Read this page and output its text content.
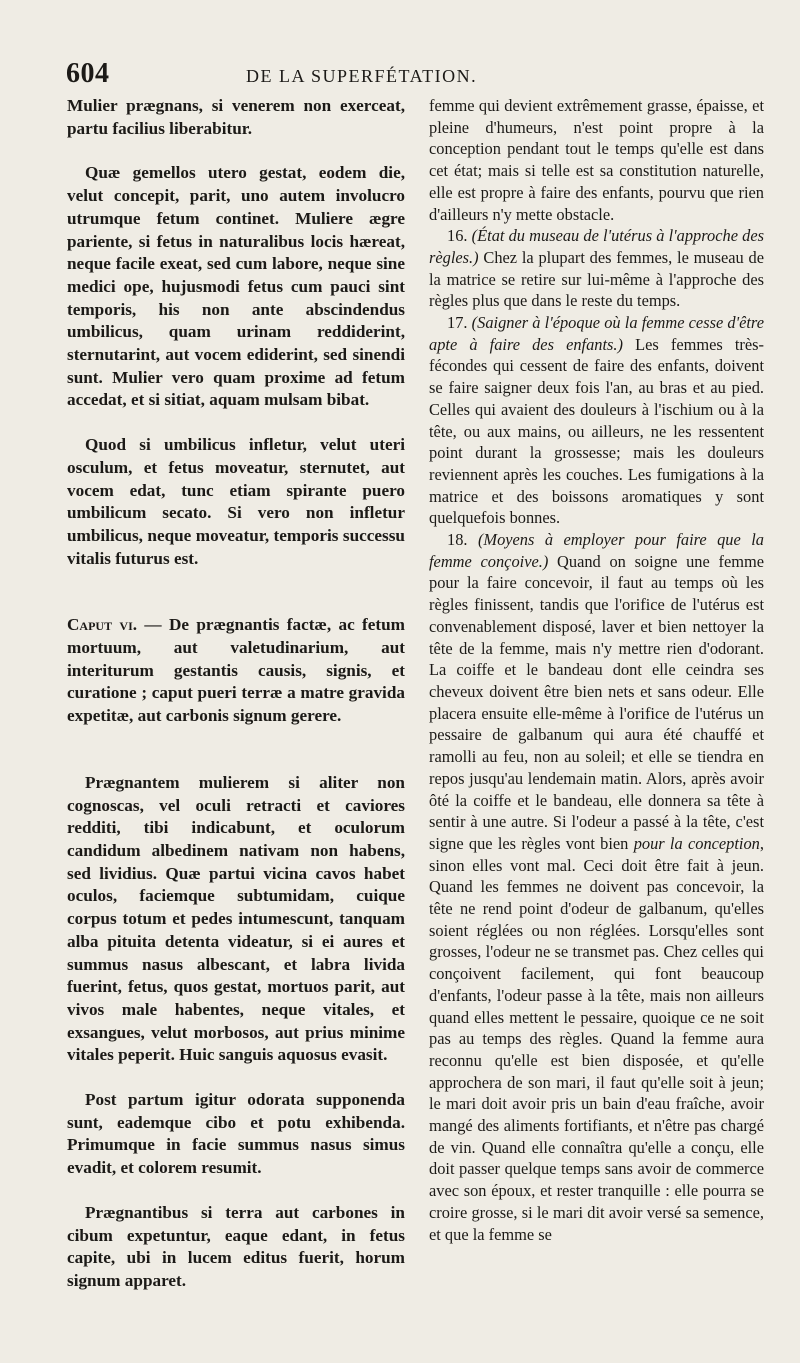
604	DE LA SUPERFÉTATION.

Mulier prægnans, si venerem non exerceat, partu facilius liberabitur.

Quæ gemellos utero gestat, eodem die, velut concepit, parit, uno autem involucro utrumque fetum continet. Muliere ægre pariente, si fetus in naturalibus locis hæreat, neque facile exeat, sed cum labore, neque sine medici ope, hujusmodi fetus cum pauci sint temporis, his non ante abscindendus umbilicus, quam urinam reddiderint, sternutarint, aut vocem ediderint, sed sinendi sunt. Mulier vero quam proxime ad fetum accedat, et si sitiat, aquam mulsam bibat.

Quod si umbilicus infletur, velut uteri osculum, et fetus moveatur, sternutet, aut vocem edat, tunc etiam spirante puero umbilicum secato. Si vero non infletur umbilicus, neque moveatur, temporis successu vitalis futurus est.

Caput vi. — De prægnantis factæ, ac fetum mortuum, aut valetudinarium, aut interiturum gestantis causis, signis, et curatione ; caput pueri terræ a matre gravida expetitæ, aut carbonis signum gerere.

Prægnantem mulierem si aliter non cognoscas, vel oculi retracti et caviores redditi, tibi indicabunt, et oculorum candidum albedinem nativam non habens, sed lividius. Quæ partui vicina cavos habet oculos, faciemque subtumidam, cuique corpus totum et pedes intumescunt, tanquam alba pituita detenta videatur, si ei aures et summus nasus albescant, et labra livida fuerint, fetus, quos gestat, mortuos parit, aut vivos male habentes, neque vitales, et exsangues, velut morbosos, aut prius minime vitales peperit. Huic sanguis aquosus evasit.

Post partum igitur odorata supponenda sunt, eademque cibo et potu exhibenda. Primumque in facie summus nasus simus evadit, et colorem resumit.

Prægnantibus si terra aut carbones in cibum expetuntur, eaque edant, in fetus capite, ubi in lucem editus fuerit, horum signum apparet.

femme qui devient extrêmement grasse, épaisse, et pleine d'humeurs, n'est point propre à la conception pendant tout le temps qu'elle est dans cet état; mais si telle est sa constitution naturelle, elle est propre à faire des enfants, pourvu que rien d'ailleurs n'y mette obstacle.

16. (État du museau de l'utérus à l'approche des règles.) Chez la plupart des femmes, le museau de la matrice se retire sur lui-même à l'approche des règles plus que dans le reste du temps.

17. (Saigner à l'époque où la femme cesse d'être apte à faire des enfants.) Les femmes très-fécondes qui cessent de faire des enfants, doivent se faire saigner deux fois l'an, au bras et au pied. Celles qui avaient des douleurs à l'ischium ou à la tête, ou aux mains, ou ailleurs, ne les ressentent point durant la grossesse; mais les douleurs reviennent après les couches. Les fumigations à la matrice et des boissons aromatiques y sont quelquefois bonnes.

18. (Moyens à employer pour faire que la femme conçoive.) Quand on soigne une femme pour la faire concevoir, il faut au temps où les règles finissent, tandis que l'orifice de l'utérus est convenablement disposé, laver et bien nettoyer la tête de la femme, mais n'y mettre rien d'odorant. La coiffe et le bandeau dont elle ceindra ses cheveux doivent être bien nets et sans odeur. Elle placera ensuite elle-même à l'orifice de l'utérus un pessaire de galbanum qui aura été chauffé et ramolli au feu, non au soleil; et elle se tiendra en repos jusqu'au lendemain matin. Alors, après avoir ôté la coiffe et le bandeau, elle donnera sa tête à sentir à une autre. Si l'odeur a passé à la tête, c'est signe que les règles vont bien pour la conception, sinon elles vont mal. Ceci doit être fait à jeun. Quand les femmes ne doivent pas concevoir, la tête ne rend point d'odeur de galbanum, qu'elles soient réglées ou non réglées. Lorsqu'elles sont grosses, l'odeur ne se transmet pas. Chez celles qui conçoivent facilement, qui font beaucoup d'enfants, l'odeur passe à la tête, mais non ailleurs quand elles mettent le pessaire, quoique ce ne soit pas au temps des règles. Quand la femme aura reconnu qu'elle est bien disposée, et qu'elle approchera de son mari, il faut qu'elle soit à jeun; le mari doit avoir pris un bain d'eau fraîche, avoir mangé des aliments fortifiants, et n'être pas chargé de vin. Quand elle connaîtra qu'elle a conçu, elle doit passer quelque temps sans avoir de commerce avec son époux, et rester tranquille : elle pourra se croire grosse, si le mari dit avoir versé sa semence, et que la femme se
